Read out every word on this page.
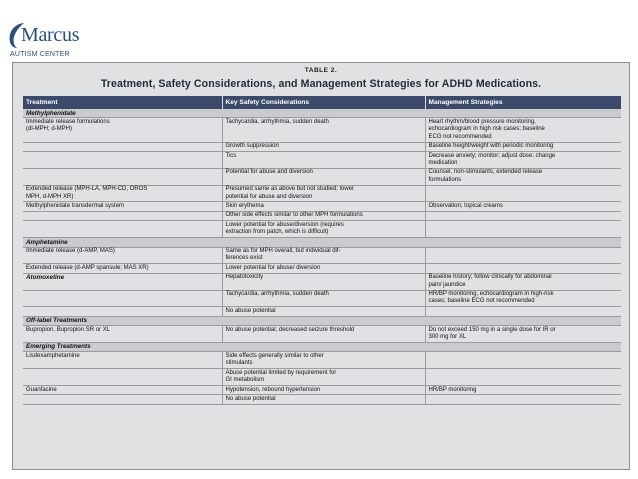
Marcus
AUTISM CENTER
TABLE 2.
Treatment, Safety Considerations, and Management Strategies for ADHD Medications.
Treatment	Key Safety Considerations	Management Strategies
Methylphenidate		
Immediate release formulations
(dl-MPH; d-MPH)	Tachycardia, arrhythmia, sudden death	Heart rhythm/blood pressure monitoring,
echocardiogram in high risk cases; baseline
ECG not recommended
	Growth suppression	Baseline height/weight with periodic monitoring
	Tics	Decrease anxiety; monitor; adjust dose; change
medication
	Potential for abuse and diversion	Counsel, non-stimulants, extended release
formulations
Extended release (MPH-LA, MPH-CD, OROS
MPH, d-MPH XR)	Presumed same as above but not studied; lower
potential for abuse and diversion	
Methylphenidate transdermal system	Skin erythema	Observation; topical creams
	Other side effects similar to other MPH formulations	
	Lower potential for abuse/diversion (requires
extraction from patch, which is difficult)	
Amphetamine		
Immediate release (d-AMP, MAS)	Same as for MPH overall, but individual dif-
ferences exist	
Extended release (d-AMP spansule; MAS XR)	Lower potential for abuse/ diversion	
Atomoxetine	Hepatotoxicity	Baseline history; follow clinically for abdominal
pain/ jaundice
	Tachycardia, arrhythmia, sudden death	HR/BP monitoring, echocardiogram in high-risk
cases; baseline ECG not recommended
	No abuse potential	
Off-label Treatments		
Bupropion, Bupropion SR or XL	No abuse potential; decreased seizure threshold	Do not exceed 150 mg in a single dose for IR or
300 mg for XL
Emerging Treatments		
Lisdexamphetamine	Side effects generally similar to other
stimulants	
	Abuse potential limited by requirement for
GI metabolism	
Guanfacine	Hypotension, rebound hypertension	HR/BP monitoring
	No abuse potential	
